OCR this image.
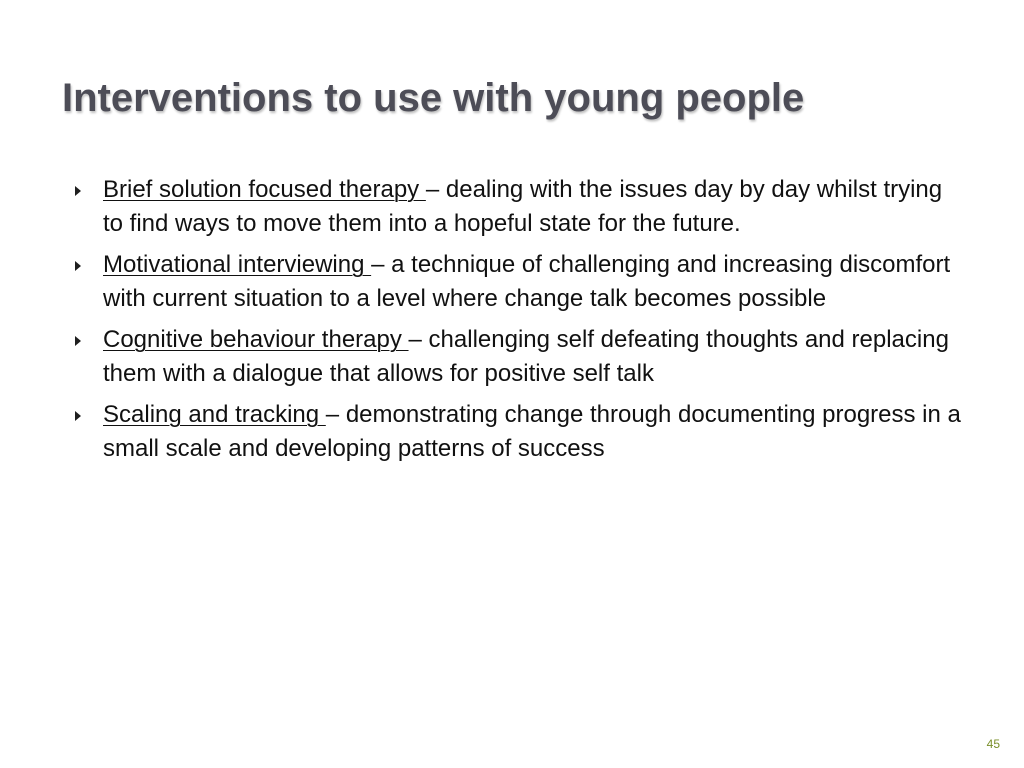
Interventions to use with young people
Brief solution focused therapy – dealing with the issues day by day whilst trying to find ways to move them into a hopeful state for the future.
Motivational interviewing – a technique of challenging and increasing discomfort with current situation to a level where change talk becomes possible
Cognitive behaviour therapy – challenging self defeating thoughts and replacing them with a dialogue that allows for positive self talk
Scaling and tracking – demonstrating change through documenting progress in a small scale and developing patterns of success
45
